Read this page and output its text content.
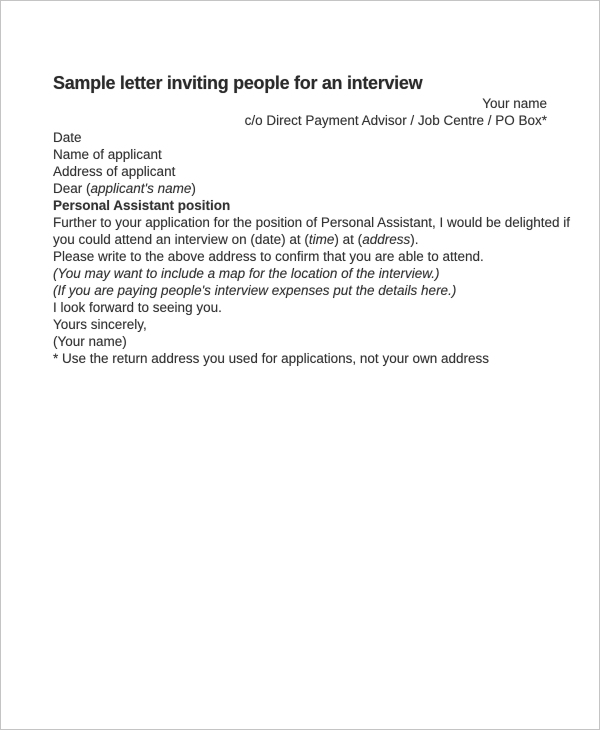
Sample letter inviting people for an interview
Your name
c/o Direct Payment Advisor / Job Centre / PO Box*

Date

Name of applicant

Address of applicant

Dear (applicant's name)

Personal Assistant position

Further to your application for the position of Personal Assistant, I would be delighted if
you could attend an interview on (date) at (time) at (address).

Please write to the above address to confirm that you are able to attend.

(You may want to include a map for the location of the interview.)

(If you are paying people's interview expenses put the details here.)

I look forward to seeing you.

Yours sincerely,

(Your name)

* Use the return address you used for applications, not your own address
